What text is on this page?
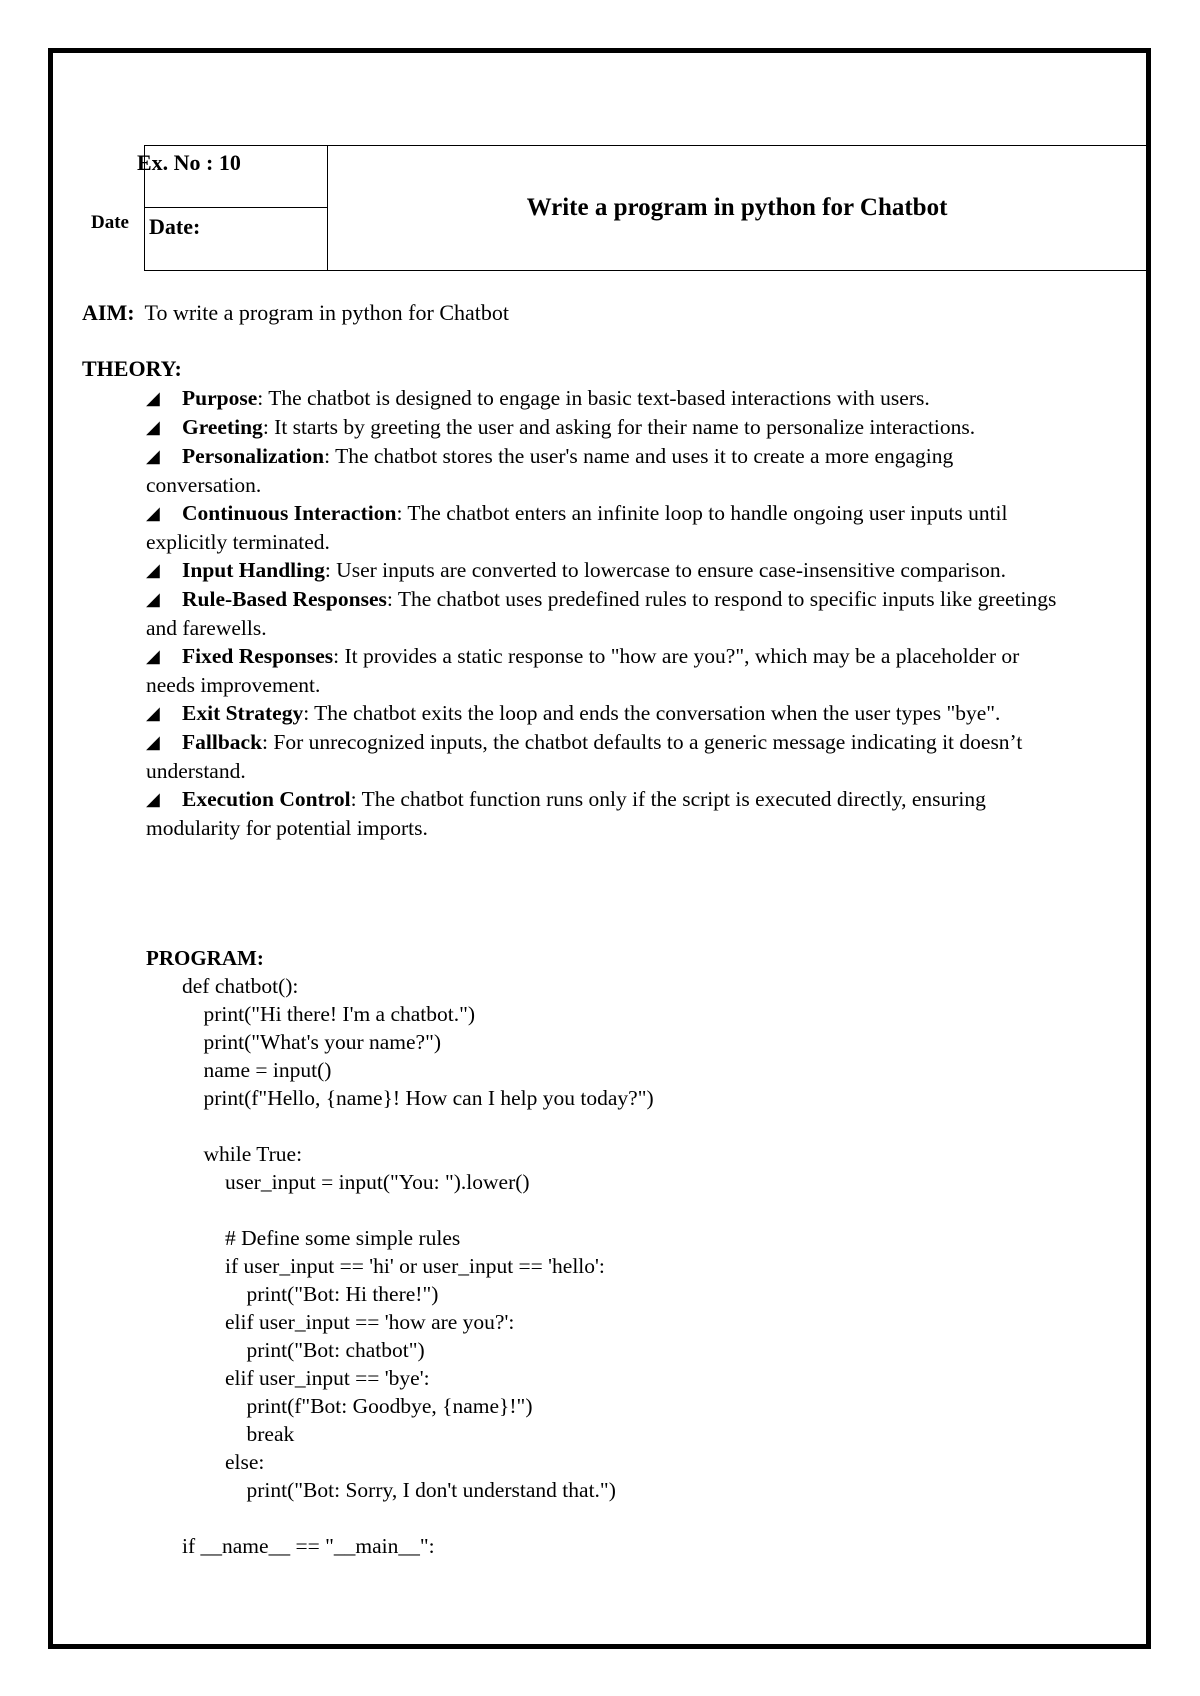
Date
Ex. No : 10
Date:
Write a program in python for Chatbot
AIM: To write a program in python for Chatbot
THEORY:
◢ Purpose: The chatbot is designed to engage in basic text-based interactions with users.
◢ Greeting: It starts by greeting the user and asking for their name to personalize interactions.
◢ Personalization: The chatbot stores the user's name and uses it to create a more engaging conversation.
◢ Continuous Interaction: The chatbot enters an infinite loop to handle ongoing user inputs until explicitly terminated.
◢ Input Handling: User inputs are converted to lowercase to ensure case-insensitive comparison.
◢ Rule-Based Responses: The chatbot uses predefined rules to respond to specific inputs like greetings and farewells.
◢ Fixed Responses: It provides a static response to "how are you?", which may be a placeholder or needs improvement.
◢ Exit Strategy: The chatbot exits the loop and ends the conversation when the user types "bye".
◢ Fallback: For unrecognized inputs, the chatbot defaults to a generic message indicating it doesn’t understand.
◢ Execution Control: The chatbot function runs only if the script is executed directly, ensuring modularity for potential imports.
PROGRAM:
def chatbot():
print("Hi there! I'm a chatbot.")
print("What's your name?")
name = input()
print(f"Hello, {name}! How can I help you today?")

while True:
user_input = input("You: ").lower()

# Define some simple rules
if user_input == 'hi' or user_input == 'hello':
print("Bot: Hi there!")
elif user_input == 'how are you?':
print("Bot: chatbot")
elif user_input == 'bye':
print(f"Bot: Goodbye, {name}!")
break
else:
print("Bot: Sorry, I don't understand that.")

if __name__ == "__main__":
